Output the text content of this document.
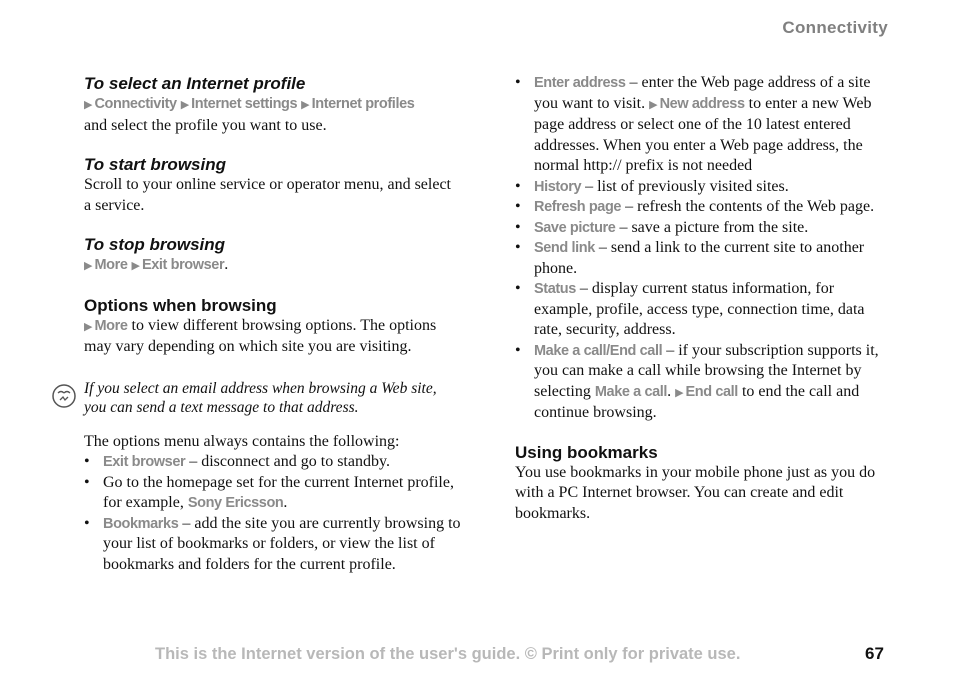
Connectivity
To select an Internet profile

▶ Connectivity ▶ Internet settings ▶ Internet profiles

and select the profile you want to use.

To start browsing

Scroll to your online service or operator menu, and select a service.

To stop browsing

▶ More ▶ Exit browser.

Options when browsing

▶ More to view different browsing options. The options may vary depending on which site you are visiting.

If you select an email address when browsing a Web site, you can send a text message to that address.

The options menu always contains the following:

• Exit browser – disconnect and go to standby.
• Go to the homepage set for the current Internet profile, for example, Sony Ericsson.
• Bookmarks – add the site you are currently browsing to your list of bookmarks or folders, or view the list of bookmarks and folders for the current profile.
• Enter address – enter the Web page address of a site you want to visit. ▶ New address to enter a new Web page address or select one of the 10 latest entered addresses. When you enter a Web page address, the normal http:// prefix is not needed
• History – list of previously visited sites.
• Refresh page – refresh the contents of the Web page.
• Save picture – save a picture from the site.
• Send link – send a link to the current site to another phone.
• Status – display current status information, for example, profile, access type, connection time, data rate, security, address.
• Make a call/End call – if your subscription supports it, you can make a call while browsing the Internet by selecting Make a call. ▶ End call to end the call and continue browsing.
Using bookmarks

You use bookmarks in your mobile phone just as you do with a PC Internet browser. You can create and edit bookmarks.

This is the Internet version of the user's guide. © Print only for private use.	67
